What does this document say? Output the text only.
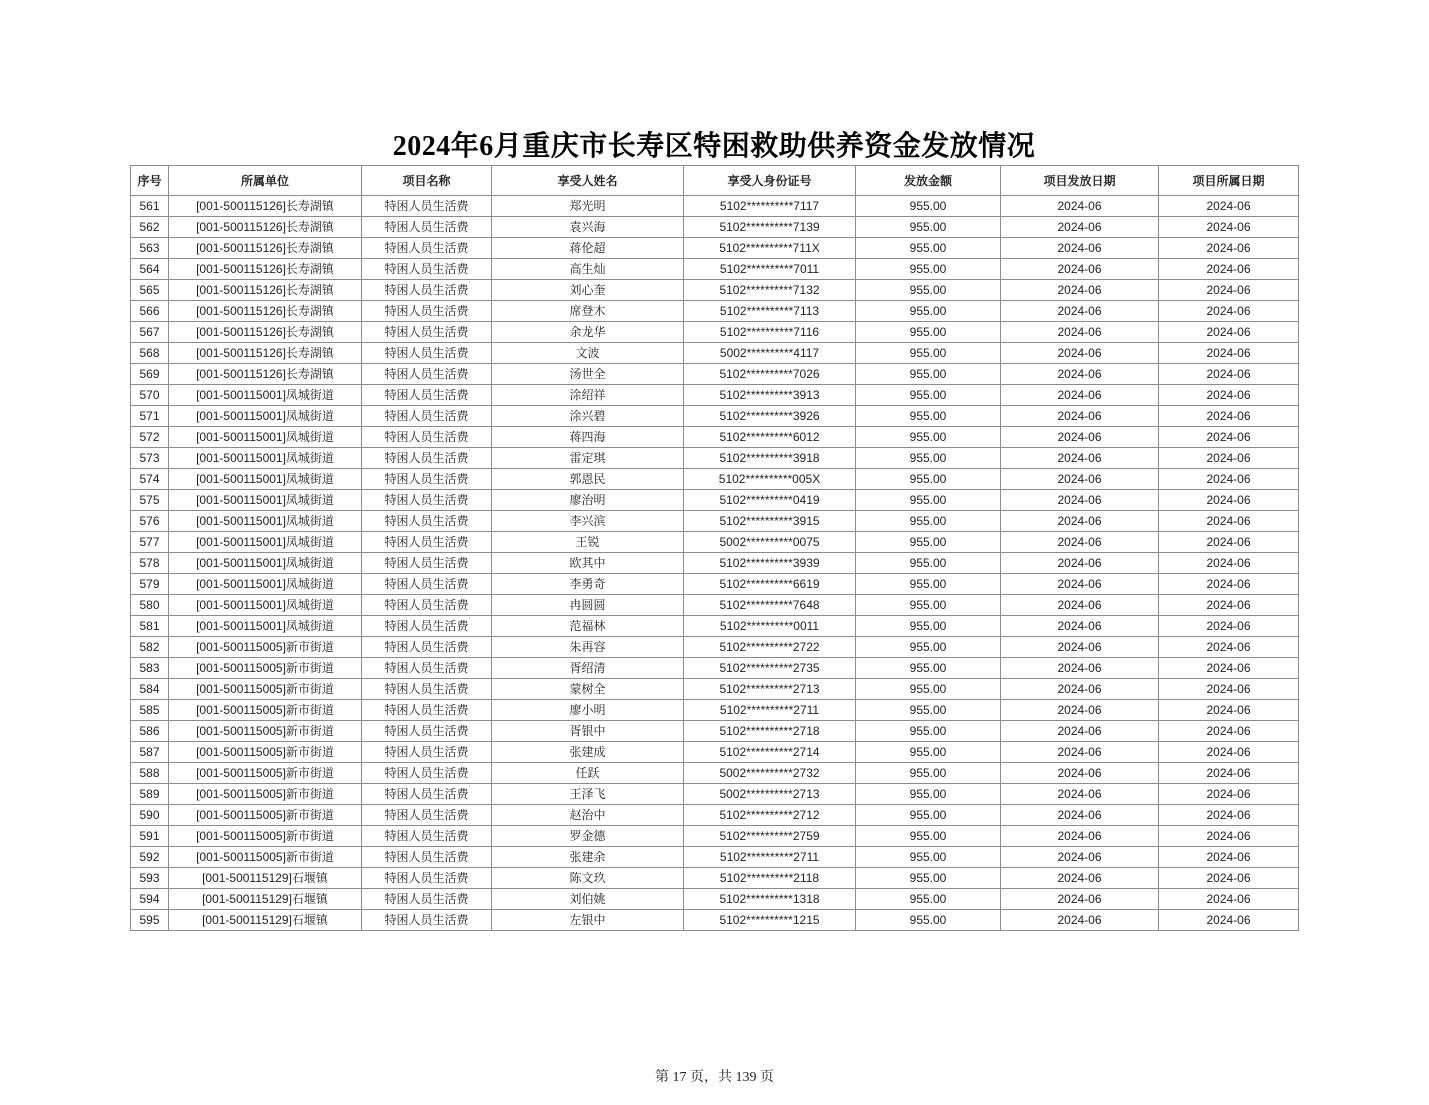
2024年6月重庆市长寿区特困救助供养资金发放情况
序号	所属单位	项目名称	享受人姓名	享受人身份证号	发放金额	项目发放日期	项目所属日期
561	[001-500115126]长寿湖镇	特困人员生活费	郑光明	5102**********7117	955.00	2024-06	2024-06
562	[001-500115126]长寿湖镇	特困人员生活费	袁兴海	5102**********7139	955.00	2024-06	2024-06
563	[001-500115126]长寿湖镇	特困人员生活费	蒋伦超	5102**********711X	955.00	2024-06	2024-06
564	[001-500115126]长寿湖镇	特困人员生活费	高生灿	5102**********7011	955.00	2024-06	2024-06
565	[001-500115126]长寿湖镇	特困人员生活费	刘心奎	5102**********7132	955.00	2024-06	2024-06
566	[001-500115126]长寿湖镇	特困人员生活费	席登木	5102**********7113	955.00	2024-06	2024-06
567	[001-500115126]长寿湖镇	特困人员生活费	余龙华	5102**********7116	955.00	2024-06	2024-06
568	[001-500115126]长寿湖镇	特困人员生活费	文波	5002**********4117	955.00	2024-06	2024-06
569	[001-500115126]长寿湖镇	特困人员生活费	汤世全	5102**********7026	955.00	2024-06	2024-06
570	[001-500115001]凤城街道	特困人员生活费	涂绍祥	5102**********3913	955.00	2024-06	2024-06
571	[001-500115001]凤城街道	特困人员生活费	涂兴碧	5102**********3926	955.00	2024-06	2024-06
572	[001-500115001]凤城街道	特困人员生活费	蒋四海	5102**********6012	955.00	2024-06	2024-06
573	[001-500115001]凤城街道	特困人员生活费	雷定琪	5102**********3918	955.00	2024-06	2024-06
574	[001-500115001]凤城街道	特困人员生活费	郭恩民	5102**********005X	955.00	2024-06	2024-06
575	[001-500115001]凤城街道	特困人员生活费	廖治明	5102**********0419	955.00	2024-06	2024-06
576	[001-500115001]凤城街道	特困人员生活费	李兴滨	5102**********3915	955.00	2024-06	2024-06
577	[001-500115001]凤城街道	特困人员生活费	王锐	5002**********0075	955.00	2024-06	2024-06
578	[001-500115001]凤城街道	特困人员生活费	欧其中	5102**********3939	955.00	2024-06	2024-06
579	[001-500115001]凤城街道	特困人员生活费	李勇奇	5102**********6619	955.00	2024-06	2024-06
580	[001-500115001]凤城街道	特困人员生活费	冉圆圆	5102**********7648	955.00	2024-06	2024-06
581	[001-500115001]凤城街道	特困人员生活费	范福林	5102**********0011	955.00	2024-06	2024-06
582	[001-500115005]新市街道	特困人员生活费	朱再容	5102**********2722	955.00	2024-06	2024-06
583	[001-500115005]新市街道	特困人员生活费	胥绍清	5102**********2735	955.00	2024-06	2024-06
584	[001-500115005]新市街道	特困人员生活费	蒙树全	5102**********2713	955.00	2024-06	2024-06
585	[001-500115005]新市街道	特困人员生活费	廖小明	5102**********2711	955.00	2024-06	2024-06
586	[001-500115005]新市街道	特困人员生活费	胥银中	5102**********2718	955.00	2024-06	2024-06
587	[001-500115005]新市街道	特困人员生活费	张建成	5102**********2714	955.00	2024-06	2024-06
588	[001-500115005]新市街道	特困人员生活费	任跃	5002**********2732	955.00	2024-06	2024-06
589	[001-500115005]新市街道	特困人员生活费	王泽飞	5002**********2713	955.00	2024-06	2024-06
590	[001-500115005]新市街道	特困人员生活费	赵治中	5102**********2712	955.00	2024-06	2024-06
591	[001-500115005]新市街道	特困人员生活费	罗金德	5102**********2759	955.00	2024-06	2024-06
592	[001-500115005]新市街道	特困人员生活费	张建余	5102**********2711	955.00	2024-06	2024-06
593	[001-500115129]石堰镇	特困人员生活费	陈文玖	5102**********2118	955.00	2024-06	2024-06
594	[001-500115129]石堰镇	特困人员生活费	刘伯姚	5102**********1318	955.00	2024-06	2024-06
595	[001-500115129]石堰镇	特困人员生活费	左银中	5102**********1215	955.00	2024-06	2024-06
第 17 页，共 139 页
